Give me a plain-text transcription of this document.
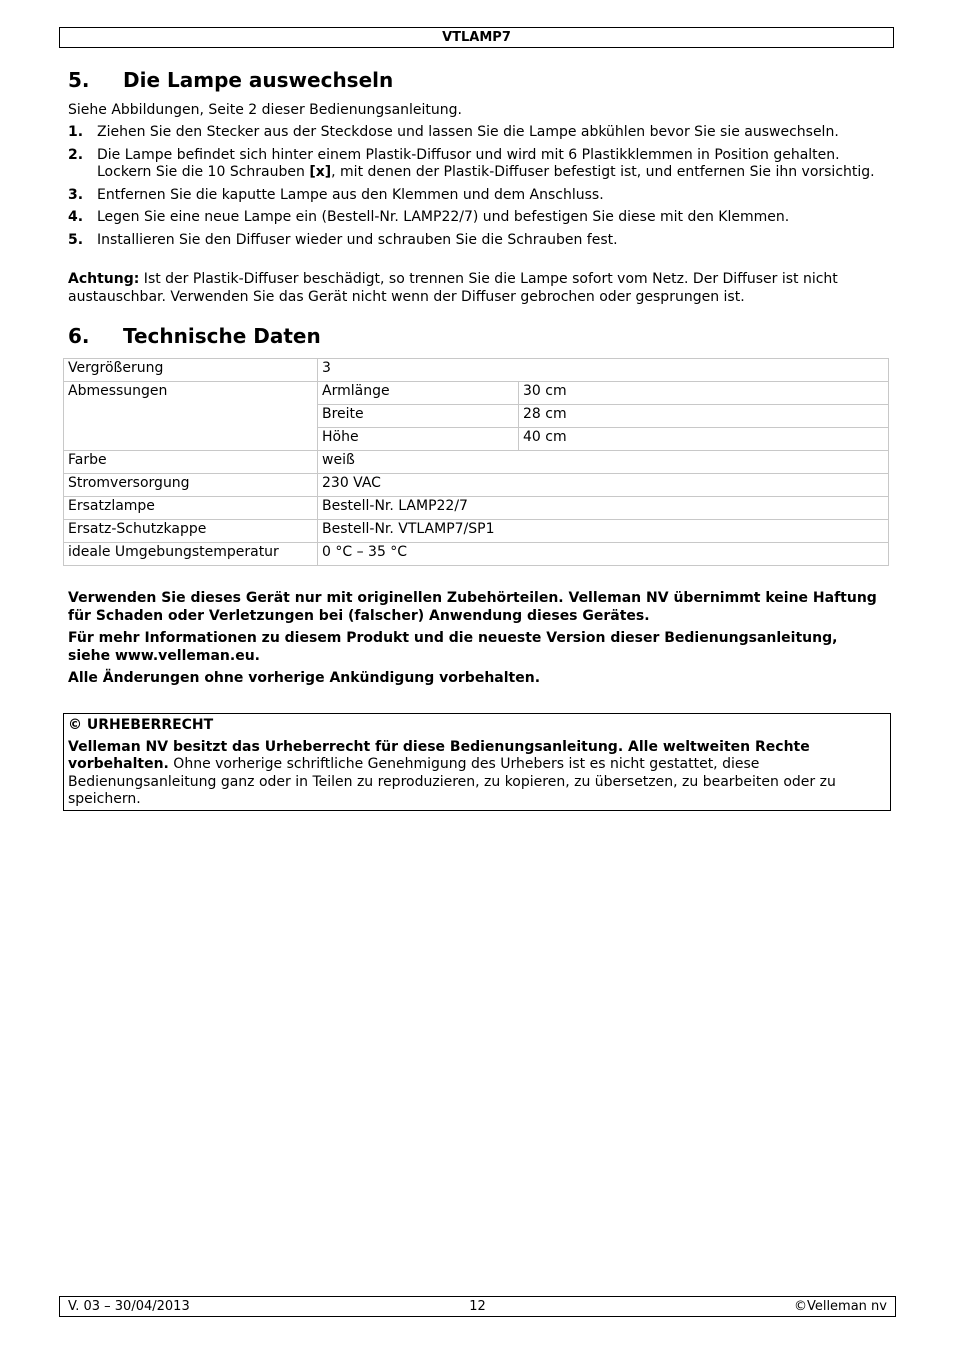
VTLAMP7
5. Die Lampe auswechseln

Siehe Abbildungen, Seite 2 dieser Bedienungsanleitung.

1. Ziehen Sie den Stecker aus der Steckdose und lassen Sie die Lampe abkühlen bevor Sie sie auswechseln.
2. Die Lampe befindet sich hinter einem Plastik-Diffusor und wird mit 6 Plastikklemmen in Position gehalten. Lockern Sie die 10 Schrauben [x], mit denen der Plastik-Diffuser befestigt ist, und entfernen Sie ihn vorsichtig.
3. Entfernen Sie die kaputte Lampe aus den Klemmen und dem Anschluss.
4. Legen Sie eine neue Lampe ein (Bestell-Nr. LAMP22/7) und befestigen Sie diese mit den Klemmen.
5. Installieren Sie den Diffuser wieder und schrauben Sie die Schrauben fest.

Achtung: Ist der Plastik-Diffuser beschädigt, so trennen Sie die Lampe sofort vom Netz. Der Diffuser ist nicht austauschbar. Verwenden Sie das Gerät nicht wenn der Diffuser gebrochen oder gesprungen ist.

6. Technische Daten
Vergrößerung	3	
Abmessungen	Armlänge	30 cm
	Breite	28 cm
	Höhe	40 cm
Farbe	weiß	
Stromversorgung	230 VAC	
Ersatzlampe	Bestell-Nr. LAMP22/7	
Ersatz-Schutzkappe	Bestell-Nr. VTLAMP7/SP1	
ideale Umgebungstemperatur	0 °C – 35 °C	

Verwenden Sie dieses Gerät nur mit originellen Zubehörteilen. Velleman NV übernimmt keine Haftung für Schaden oder Verletzungen bei (falscher) Anwendung dieses Gerätes.

Für mehr Informationen zu diesem Produkt und die neueste Version dieser Bedienungsanleitung, siehe www.velleman.eu.

Alle Änderungen ohne vorherige Ankündigung vorbehalten.

© URHEBERRECHT

Velleman NV besitzt das Urheberrecht für diese Bedienungsanleitung. Alle weltweiten Rechte vorbehalten. Ohne vorherige schriftliche Genehmigung des Urhebers ist es nicht gestattet, diese Bedienungsanleitung ganz oder in Teilen zu reproduzieren, zu kopieren, zu übersetzen, zu bearbeiten oder zu speichern.

V. 03 – 30/04/2013	12	©Velleman nv
